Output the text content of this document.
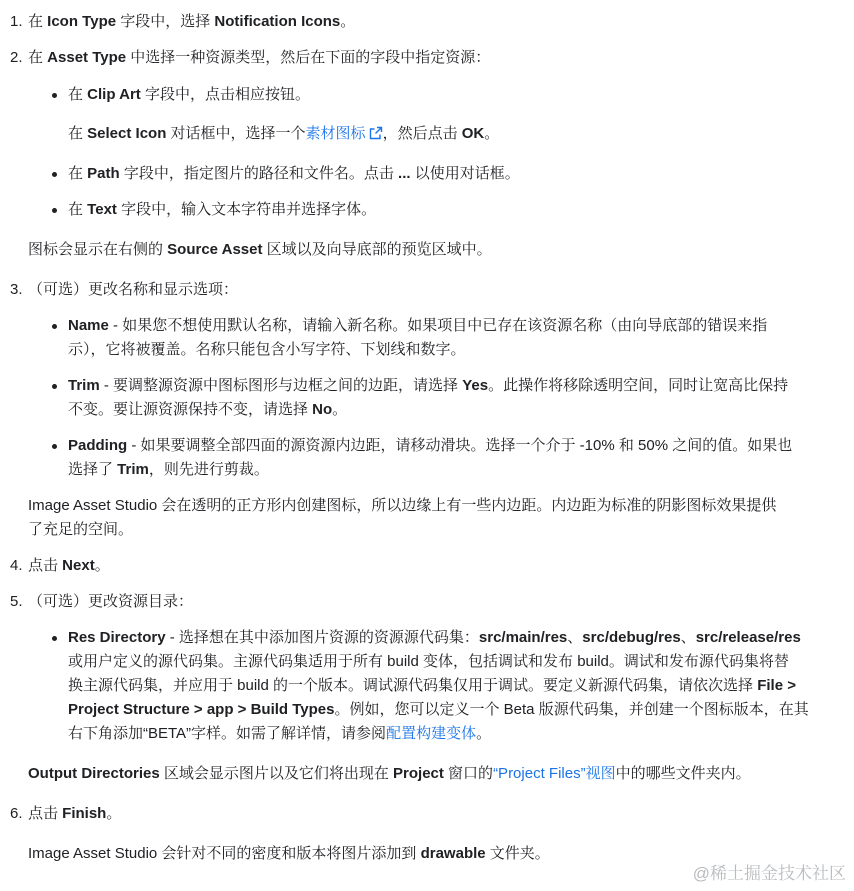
1. 在 Icon Type 字段中，选择 Notification Icons。
2. 在 Asset Type 中选择一种资源类型，然后在下面的字段中指定资源：
在 Clip Art 字段中，点击相应按钮。
在 Select Icon 对话框中，选择一个素材图标 ，然后点击 OK。
在 Path 字段中，指定图片的路径和文件名。点击 ... 以使用对话框。
在 Text 字段中，输入文本字符串并选择字体。
图标会显示在右侧的 Source Asset 区域以及向导底部的预览区域中。
3. （可选）更改名称和显示选项：
Name - 如果您不想使用默认名称，请输入新名称。如果项目中已存在该资源名称（由向导底部的错误来指
示），它将被覆盖。名称只能包含小写字符、下划线和数字。
Trim - 要调整源资源中图标图形与边框之间的边距，请选择 Yes。此操作将移除透明空间，同时让宽高比保持
不变。要让源资源保持不变，请选择 No。
Padding - 如果要调整全部四面的源资源内边距，请移动滑块。选择一个介于 -10% 和 50% 之间的值。如果也
选择了 Trim，则先进行剪裁。
Image Asset Studio 会在透明的正方形内创建图标，所以边缘上有一些内边距。内边距为标准的阴影图标效果提供
了充足的空间。
4. 点击 Next。
5. （可选）更改资源目录：
Res Directory - 选择想在其中添加图片资源的资源源代码集：src/main/res、src/debug/res、src/release/res
或用户定义的源代码集。主源代码集适用于所有 build 变体，包括调试和发布 build。调试和发布源代码集将替
换主源代码集，并应用于 build 的一个版本。调试源代码集仅用于调试。要定义新源代码集，请依次选择 File >
Project Structure > app > Build Types。例如，您可以定义一个 Beta 版源代码集，并创建一个图标版本，在其
右下角添加“BETA”字样。如需了解详情，请参阅配置构建变体。
Output Directories 区域会显示图片以及它们将出现在 Project 窗口的“Project Files”视图中的哪些文件夹内。
6. 点击 Finish。
Image Asset Studio 会针对不同的密度和版本将图片添加到 drawable 文件夹。
@稀土掘金技术社区
